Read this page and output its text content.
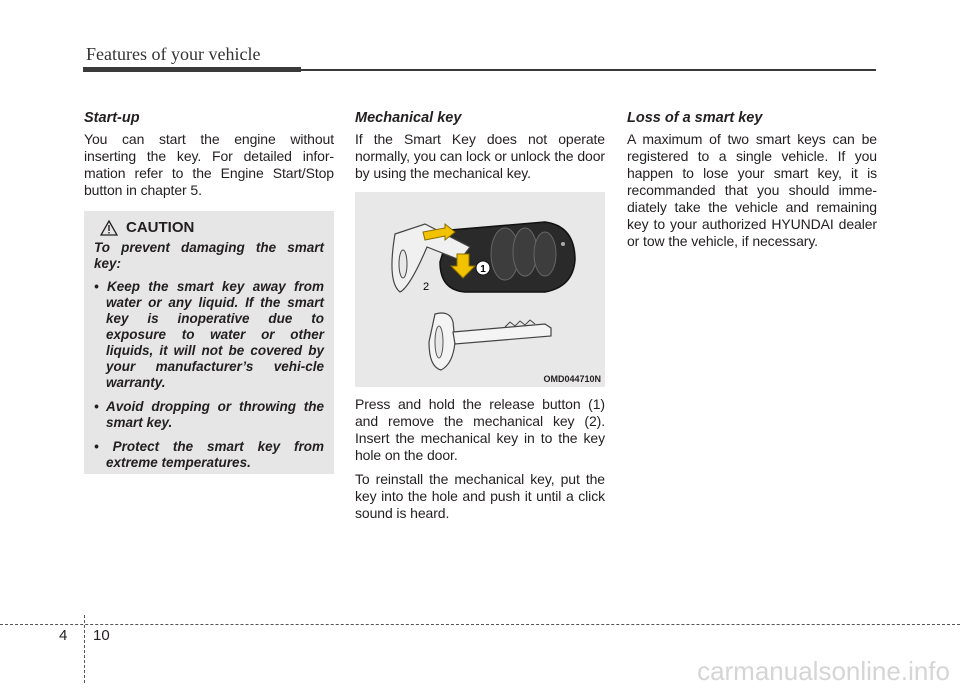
Features of your vehicle
Start-up

You can start the engine without inserting the key. For detailed infor-mation refer to the Engine Start/Stop button in chapter 5.

CAUTION

To prevent damaging the smart key:

• Keep the smart key away from water or any liquid. If the smart key is inoperative due to exposure to water or other liquids, it will not be covered by your manufacturer’s vehi-cle warranty.
• Avoid dropping or throwing the smart key.
• Protect the smart key from extreme temperatures.
Mechanical key

If the Smart Key does not operate normally, you can lock or unlock the door by using the mechanical key.

1
2
OMD044710N

Press and hold the release button (1) and remove the mechanical key (2). Insert the mechanical key in to the key hole on the door.

To reinstall the mechanical key, put the key into the hole and push it until a click sound is heard.

Loss of a smart key

A maximum of two smart keys can be registered to a single vehicle. If you happen to lose your smart key, it is recommanded that you should imme-diately take the vehicle and remaining key to your authorized HYUNDAI dealer or tow the vehicle, if necessary.

4 10
carmanualsonline.info
